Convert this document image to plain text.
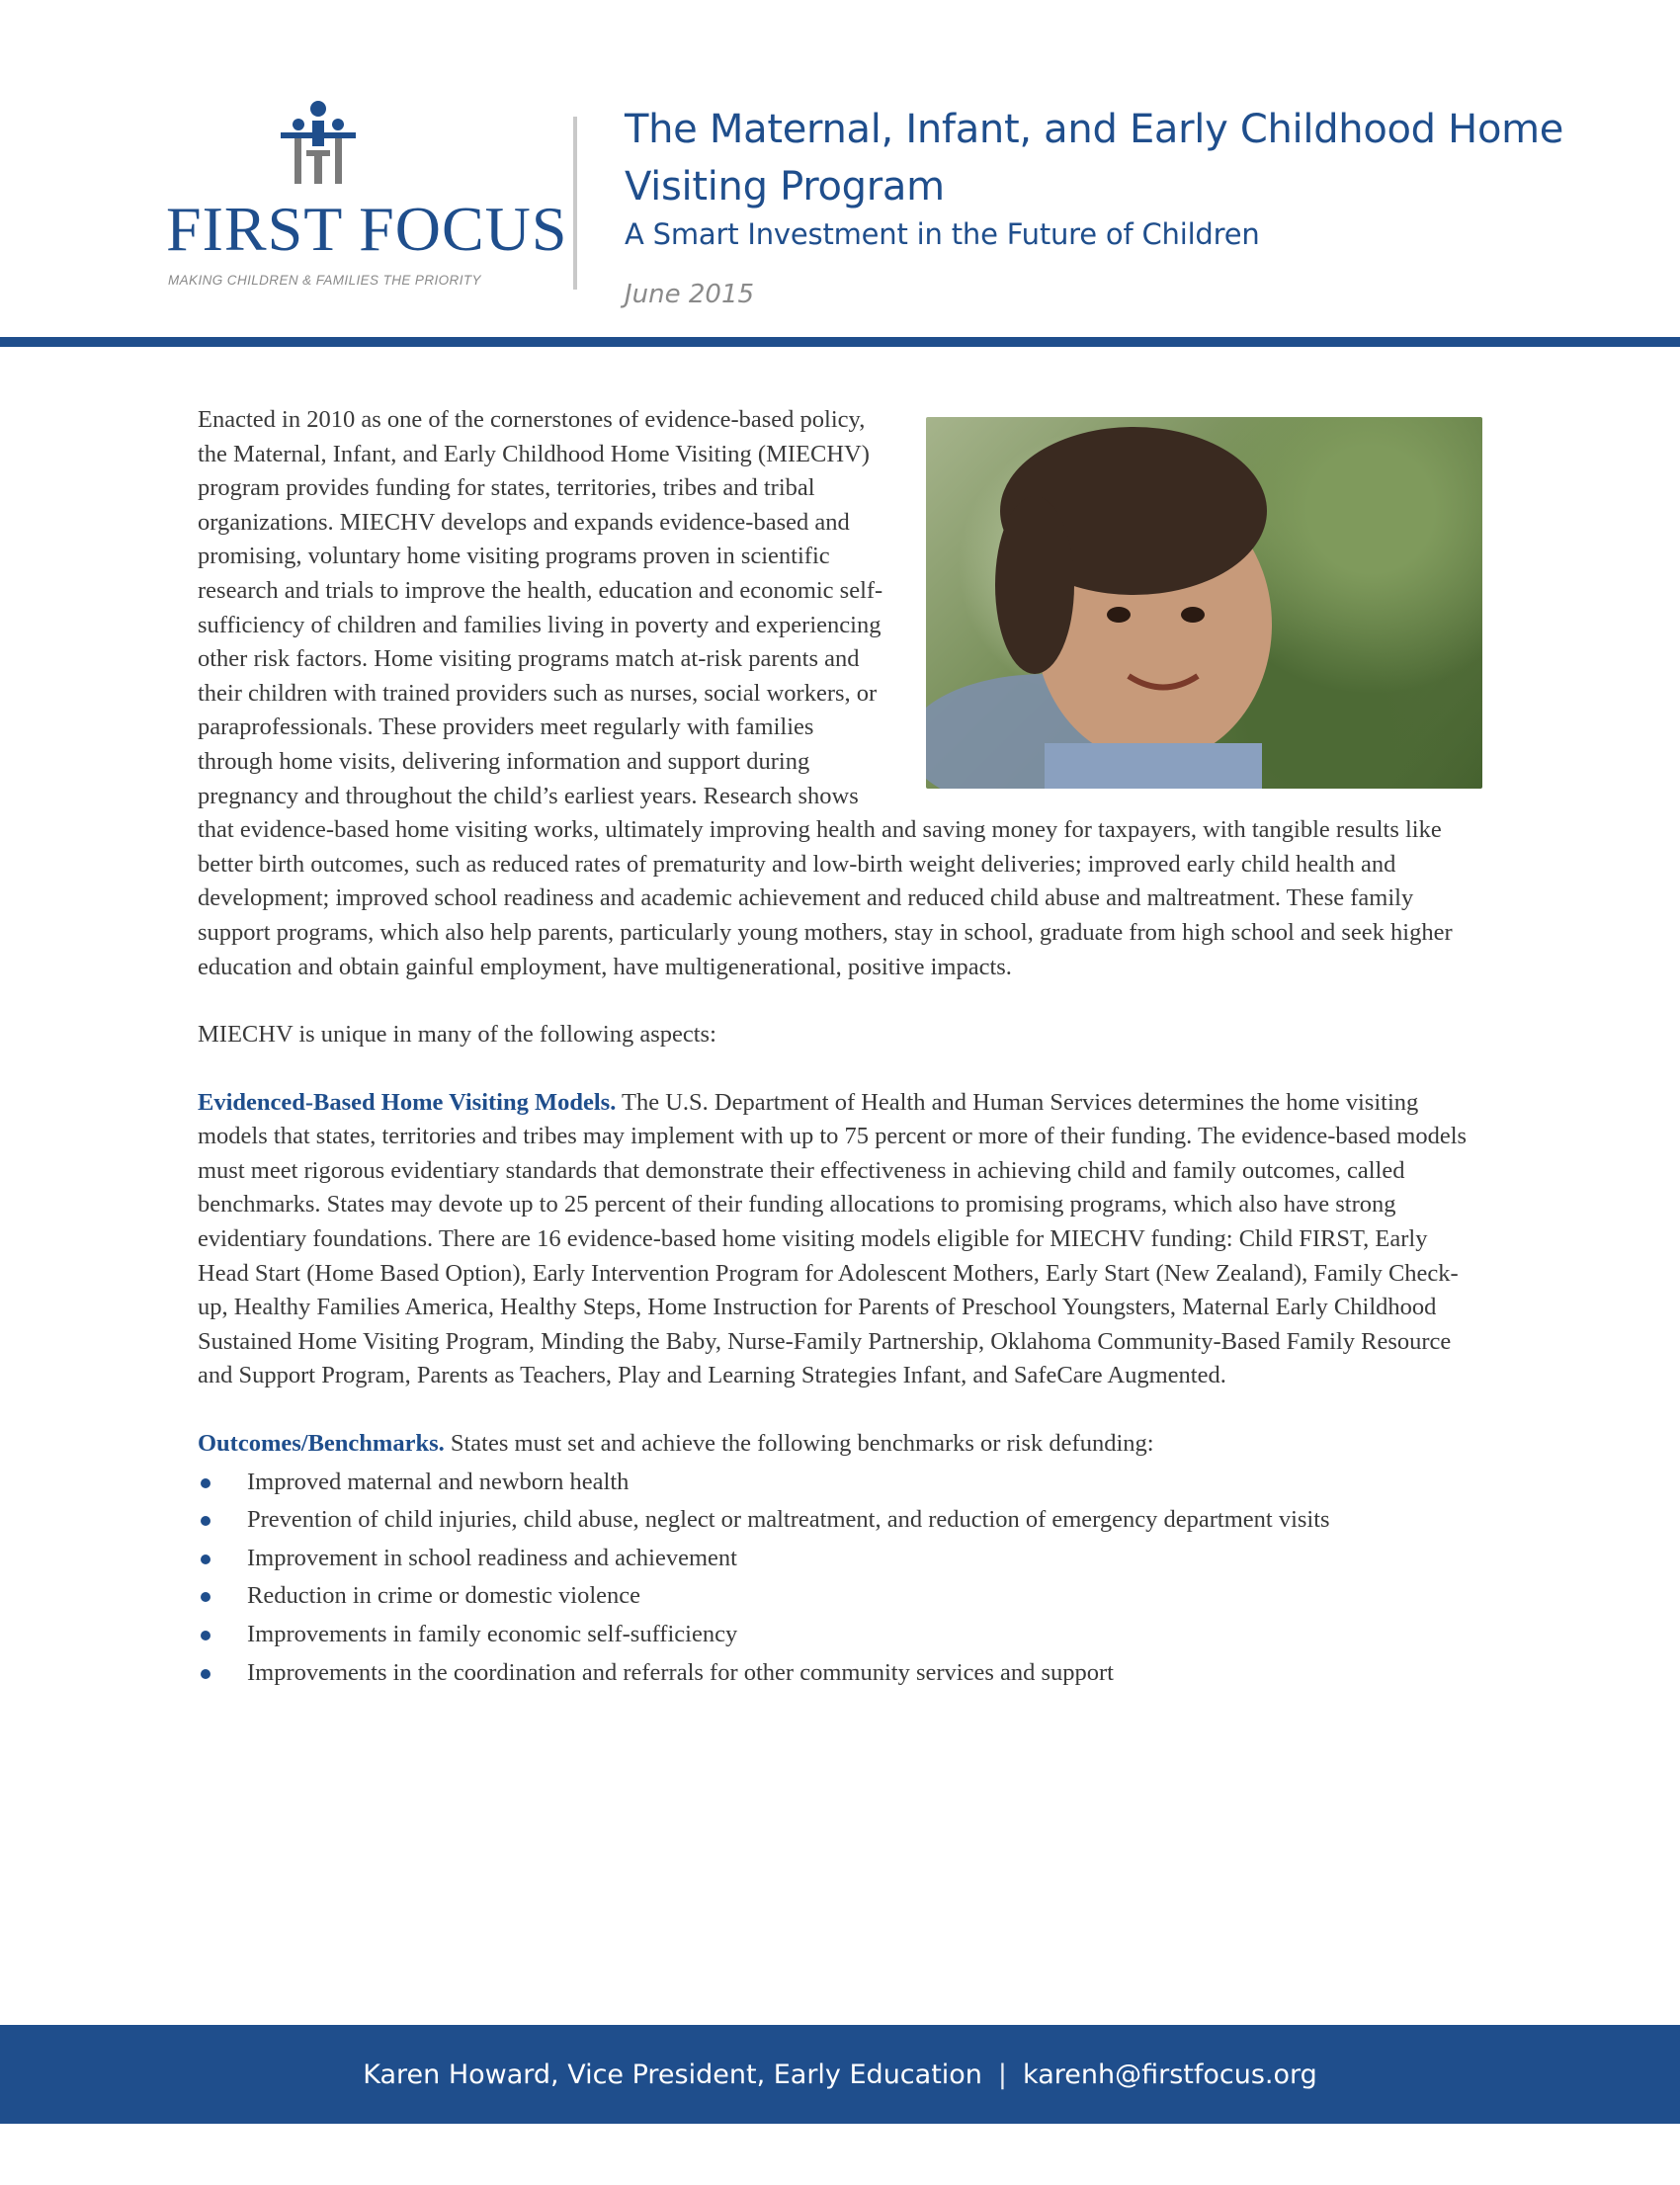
FIRST FOCUS
MAKING CHILDREN & FAMILIES THE PRIORITY
The Maternal, Infant, and Early Childhood Home Visiting Program
A Smart Investment in the Future of Children
June 2015

Enacted in 2010 as one of the cornerstones of evidence-based policy, the Maternal, Infant, and Early Childhood Home Visiting (MIECHV) program provides funding for states, territories, tribes and tribal organizations. MIECHV develops and expands evidence-based and promising, voluntary home visiting programs proven in scientific research and trials to improve the health, education and economic self-sufficiency of children and families living in poverty and experiencing other risk factors. Home visiting programs match at-risk parents and their children with trained providers such as nurses, social workers, or paraprofessionals. These providers meet regularly with families through home visits, delivering information and support during pregnancy and throughout the child’s earliest years. Research shows that evidence-based home visiting works, ultimately improving health and saving money for taxpayers, with tangible results like better birth outcomes, such as reduced rates of prematurity and low-birth weight deliveries; improved early child health and development; improved school readiness and academic achievement and reduced child abuse and maltreatment. These family support programs, which also help parents, particularly young mothers, stay in school, graduate from high school and seek higher education and obtain gainful employment, have multigenerational, positive impacts.

MIECHV is unique in many of the following aspects:

Evidenced-Based Home Visiting Models. The U.S. Department of Health and Human Services determines the home visiting models that states, territories and tribes may implement with up to 75 percent or more of their funding. The evidence-based models must meet rigorous evidentiary standards that demonstrate their effectiveness in achieving child and family outcomes, called benchmarks. States may devote up to 25 percent of their funding allocations to promising programs, which also have strong evidentiary foundations. There are 16 evidence-based home visiting models eligible for MIECHV funding: Child FIRST, Early Head Start (Home Based Option), Early Intervention Program for Adolescent Mothers, Early Start (New Zealand), Family Check-up, Healthy Families America, Healthy Steps, Home Instruction for Parents of Preschool Youngsters, Maternal Early Childhood Sustained Home Visiting Program, Minding the Baby, Nurse-Family Partnership, Oklahoma Community-Based Family Resource and Support Program, Parents as Teachers, Play and Learning Strategies Infant, and SafeCare Augmented.

Outcomes/Benchmarks. States must set and achieve the following benchmarks or risk defunding:
Improved maternal and newborn health
Prevention of child injuries, child abuse, neglect or maltreatment, and reduction of emergency department visits
Improvement in school readiness and achievement
Reduction in crime or domestic violence
Improvements in family economic self-sufficiency
Improvements in the coordination and referrals for other community services and support
Karen Howard, Vice President, Early Education | karenh@firstfocus.org
